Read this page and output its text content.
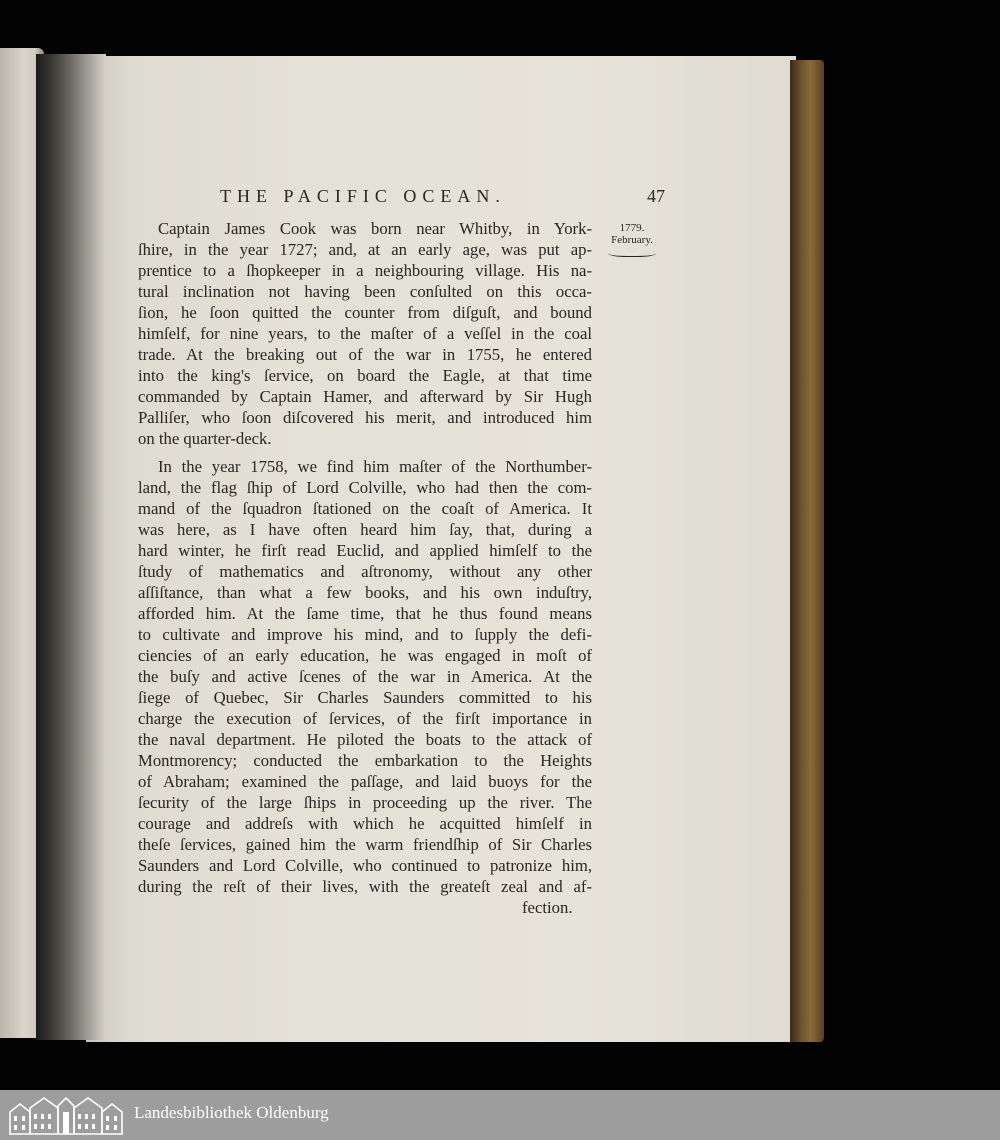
THE PACIFIC OCEAN.	47
1779.
February.
Captain James Cook was born near Whitby, in York-
ſhire, in the year 1727; and, at an early age, was put ap-
prentice to a ſhopkeeper in a neighbouring village. His na-
tural inclination not having been conſulted on this occa-
ſion, he ſoon quitted the counter from diſguſt, and bound
himſelf, for nine years, to the maſter of a veſſel in the coal
trade. At the breaking out of the war in 1755, he entered
into the king's ſervice, on board the Eagle, at that time
commanded by Captain Hamer, and afterward by Sir Hugh
Palliſer, who ſoon diſcovered his merit, and introduced him
on the quarter-deck.
In the year 1758, we find him maſter of the Northumber-
land, the flag ſhip of Lord Colville, who had then the com-
mand of the ſquadron ſtationed on the coaſt of America. It
was here, as I have often heard him ſay, that, during a
hard winter, he firſt read Euclid, and applied himſelf to the
ſtudy of mathematics and aſtronomy, without any other
aſſiſtance, than what a few books, and his own induſtry,
afforded him. At the ſame time, that he thus found means
to cultivate and improve his mind, and to ſupply the defi-
ciencies of an early education, he was engaged in moſt of
the buſy and active ſcenes of the war in America. At the
ſiege of Quebec, Sir Charles Saunders committed to his
charge the execution of ſervices, of the firſt importance in
the naval department. He piloted the boats to the attack of
Montmorency; conducted the embarkation to the Heights
of Abraham; examined the paſſage, and laid buoys for the
ſecurity of the large ſhips in proceeding up the river. The
courage and addreſs with which he acquitted himſelf in
theſe ſervices, gained him the warm friendſhip of Sir Charles
Saunders and Lord Colville, who continued to patronize him,
during the reſt of their lives, with the greateſt zeal and af-
fection.
Landesbibliothek Oldenburg
